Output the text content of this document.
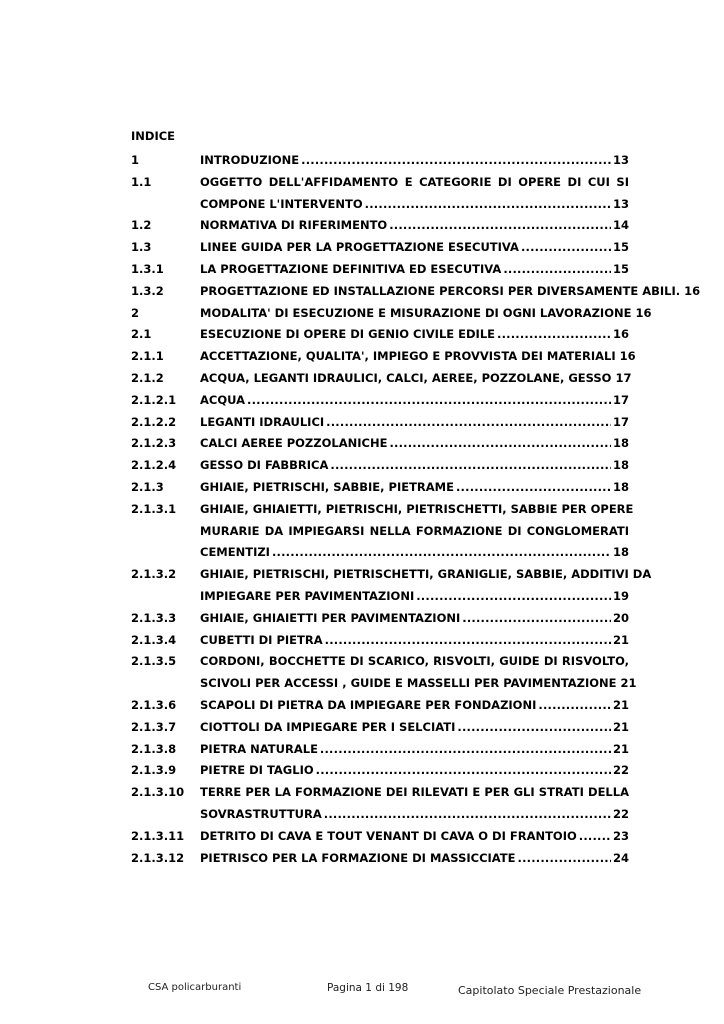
INDICE
1	INTRODUZIONE .....	13
1.1	OGGETTO DELL'AFFIDAMENTO E CATEGORIE DI OPERE DI CUI SI
COMPONE L'INTERVENTO .....	13
1.2	NORMATIVA DI RIFERIMENTO .....	14
1.3	LINEE GUIDA PER LA PROGETTAZIONE ESECUTIVA .....	15
1.3.1	LA PROGETTAZIONE DEFINITIVA ED ESECUTIVA .....	15
1.3.2	PROGETTAZIONE ED INSTALLAZIONE PERCORSI PER DIVERSAMENTE ABILI. 16
2	MODALITA' DI ESECUZIONE E MISURAZIONE DI OGNI LAVORAZIONE 16
2.1	ESECUZIONE DI OPERE DI GENIO CIVILE EDILE .....	16
2.1.1	ACCETTAZIONE, QUALITA', IMPIEGO E PROVVISTA DEI MATERIALI 16
2.1.2	ACQUA, LEGANTI IDRAULICI, CALCI, AEREE, POZZOLANE, GESSO 17
2.1.2.1 ACQUA .....	17
2.1.2.2 LEGANTI IDRAULICI .....	17
2.1.2.3 CALCI AEREE POZZOLANICHE .....	18
2.1.2.4 GESSO DI FABBRICA .....	18
2.1.3	GHIAIE, PIETRISCHI, SABBIE, PIETRAME .....	18
2.1.3.1 GHIAIE, GHIAIETTI, PIETRISCHI, PIETRISCHETTI, SABBIE PER OPERE
MURARIE DA IMPIEGARSI NELLA FORMAZIONE DI CONGLOMERATI
CEMENTIZI .....	18
2.1.3.2 GHIAIE, PIETRISCHI, PIETRISCHETTI, GRANIGLIE, SABBIE, ADDITIVI DA
IMPIEGARE PER PAVIMENTAZIONI .....	19
2.1.3.3 GHIAIE, GHIAIETTI PER PAVIMENTAZIONI .....	20
2.1.3.4 CUBETTI DI PIETRA .....	21
2.1.3.5 CORDONI, BOCCHETTE DI SCARICO, RISVOLTI, GUIDE DI RISVOLTO,
SCIVOLI PER ACCESSI , GUIDE E MASSELLI PER PAVIMENTAZIONE 21
2.1.3.6 SCAPOLI DI PIETRA DA IMPIEGARE PER FONDAZIONI .....	21
2.1.3.7 CIOTTOLI DA IMPIEGARE PER I SELCIATI .....	21
2.1.3.8 PIETRA NATURALE .....	21
2.1.3.9 PIETRE DI TAGLIO .....	22
2.1.3.10 TERRE PER LA FORMAZIONE DEI RILEVATI E PER GLI STRATI DELLA
SOVRASTRUTTURA .....	22
2.1.3.11 DETRITO DI CAVA E TOUT VENANT DI CAVA O DI FRANTOIO .....	23
2.1.3.12 PIETRISCO PER LA FORMAZIONE DI MASSICCIATE .....	24
CSA policarburanti	Pagina 1 di 198	Capitolato Speciale Prestazionale
